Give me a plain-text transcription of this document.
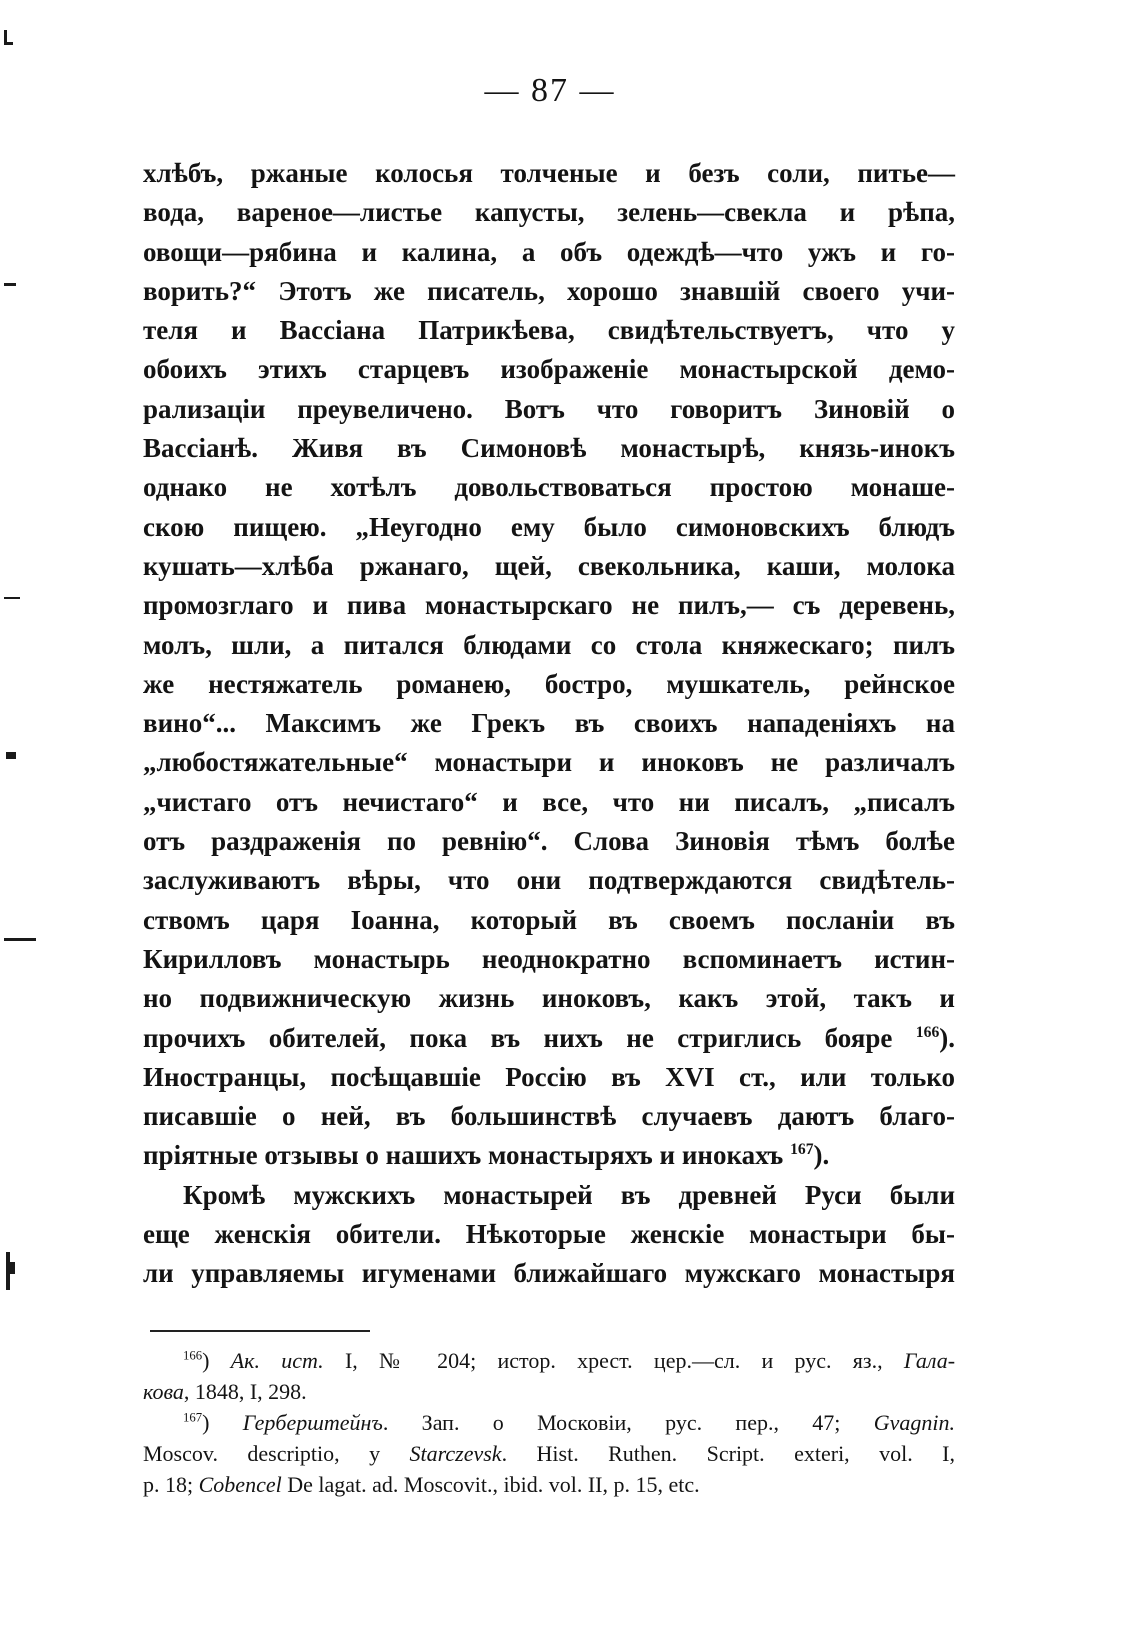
— 87 —
хлѣбъ, ржаные колосья толченые и безъ соли, питье—
вода, вареное—листье капусты, зелень—свекла и рѣпа,
овощи—рябина и калина, а объ одеждѣ—что ужъ и го-
ворить?“ Этотъ же писатель, хорошо знавшій своего учи-
теля и Вассіана Патрикѣева, свидѣтельствуетъ, что у
обоихъ этихъ старцевъ изображеніе монастырской демо-
рализаціи преувеличено. Вотъ что говоритъ Зиновій о
Вассіанѣ. Живя въ Симоновѣ монастырѣ, князь-инокъ
однако не хотѣлъ довольствоваться простою монаше-
скою пищею. „Неугодно ему было симоновскихъ блюдъ
кушать—хлѣба ржанаго, щей, свекольника, каши, молока
промозглаго и пива монастырскаго не пилъ,— съ деревень,
молъ, шли, а питался блюдами со стола княжескаго; пилъ
же нестяжатель романею, бостро, мушкатель, рейнское
вино“... Максимъ же Грекъ въ своихъ нападеніяхъ на
„любостяжательные“ монастыри и иноковъ не различалъ
„чистаго отъ нечистаго“ и все, что ни писалъ, „писалъ
отъ раздраженія по ревнію“. Слова Зиновія тѣмъ болѣе
заслуживаютъ вѣры, что они подтверждаются свидѣтель-
ствомъ царя Іоанна, который въ своемъ посланіи въ
Кирилловъ монастырь неоднократно вспоминаетъ истин-
но подвижническую жизнь иноковъ, какъ этой, такъ и
прочихъ обителей, пока въ нихъ не стриглись бояре $^{166}$).
Иностранцы, посѣщавшіе Россію въ XVI ст., или только
писавшіе о ней, въ большинствѣ случаевъ даютъ благо-
пріятные отзывы о нашихъ монастыряхъ и инокахъ $^{167}$).
Кромѣ мужскихъ монастырей въ древней Руси были
еще женскія обители. Нѣкоторые женскіе монастыри бы-
ли управляемы игуменами ближайшаго мужскаго монастыря
$^{166}$) Ак. ист. I, № 204; истор. хрест. цер.—сл. и рус. яз., Гала-
кова, 1848, I, 298.
$^{167}$) Герберштейнъ. Зап. о Московіи, рус. пер., 47; Gvagnin.
Moscov. descriptio, y Starczevsk. Hist. Ruthen. Script. exteri, vol. I,
p. 18; Cobencel De lagat. ad. Moscovit., ibid. vol. II, p. 15, etc.
